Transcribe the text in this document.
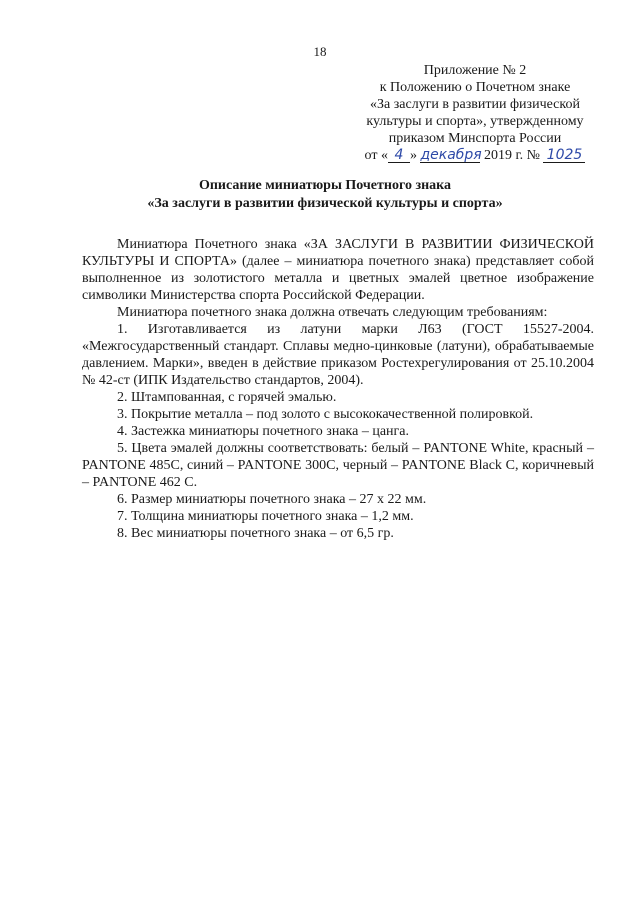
18
Приложение № 2
к Положению о Почетном знаке
«За заслуги в развитии физической
культуры и спорта», утвержденному
приказом Минспорта России
от « 4 » декабря 2019 г. № 1025
Описание миниатюры Почетного знака
«За заслуги в развитии физической культуры и спорта»

Миниатюра Почетного знака «ЗА ЗАСЛУГИ В РАЗВИТИИ ФИЗИЧЕСКОЙ КУЛЬТУРЫ И СПОРТА» (далее – миниатюра почетного знака) представляет собой выполненное из золотистого металла и цветных эмалей цветное изображение символики Министерства спорта Российской Федерации.

Миниатюра почетного знака должна отвечать следующим требованиям:

1. Изготавливается из латуни марки Л63 (ГОСТ 15527-2004. «Межгосударственный стандарт. Сплавы медно-цинковые (латуни), обрабатываемые давлением. Марки», введен в действие приказом Ростехрегулирования от 25.10.2004 № 42-ст (ИПК Издательство стандартов, 2004).

2. Штампованная, с горячей эмалью.

3. Покрытие металла – под золото с высококачественной полировкой.

4. Застежка миниатюры почетного знака – цанга.

5. Цвета эмалей должны соответствовать: белый – PANTONE White, красный – PANTONE 485C, синий – PANTONE 300C, черный – PANTONE Black C, коричневый – PANTONE 462 C.

6. Размер миниатюры почетного знака – 27 х 22 мм.

7. Толщина миниатюры почетного знака – 1,2 мм.

8. Вес миниатюры почетного знака – от 6,5 гр.
